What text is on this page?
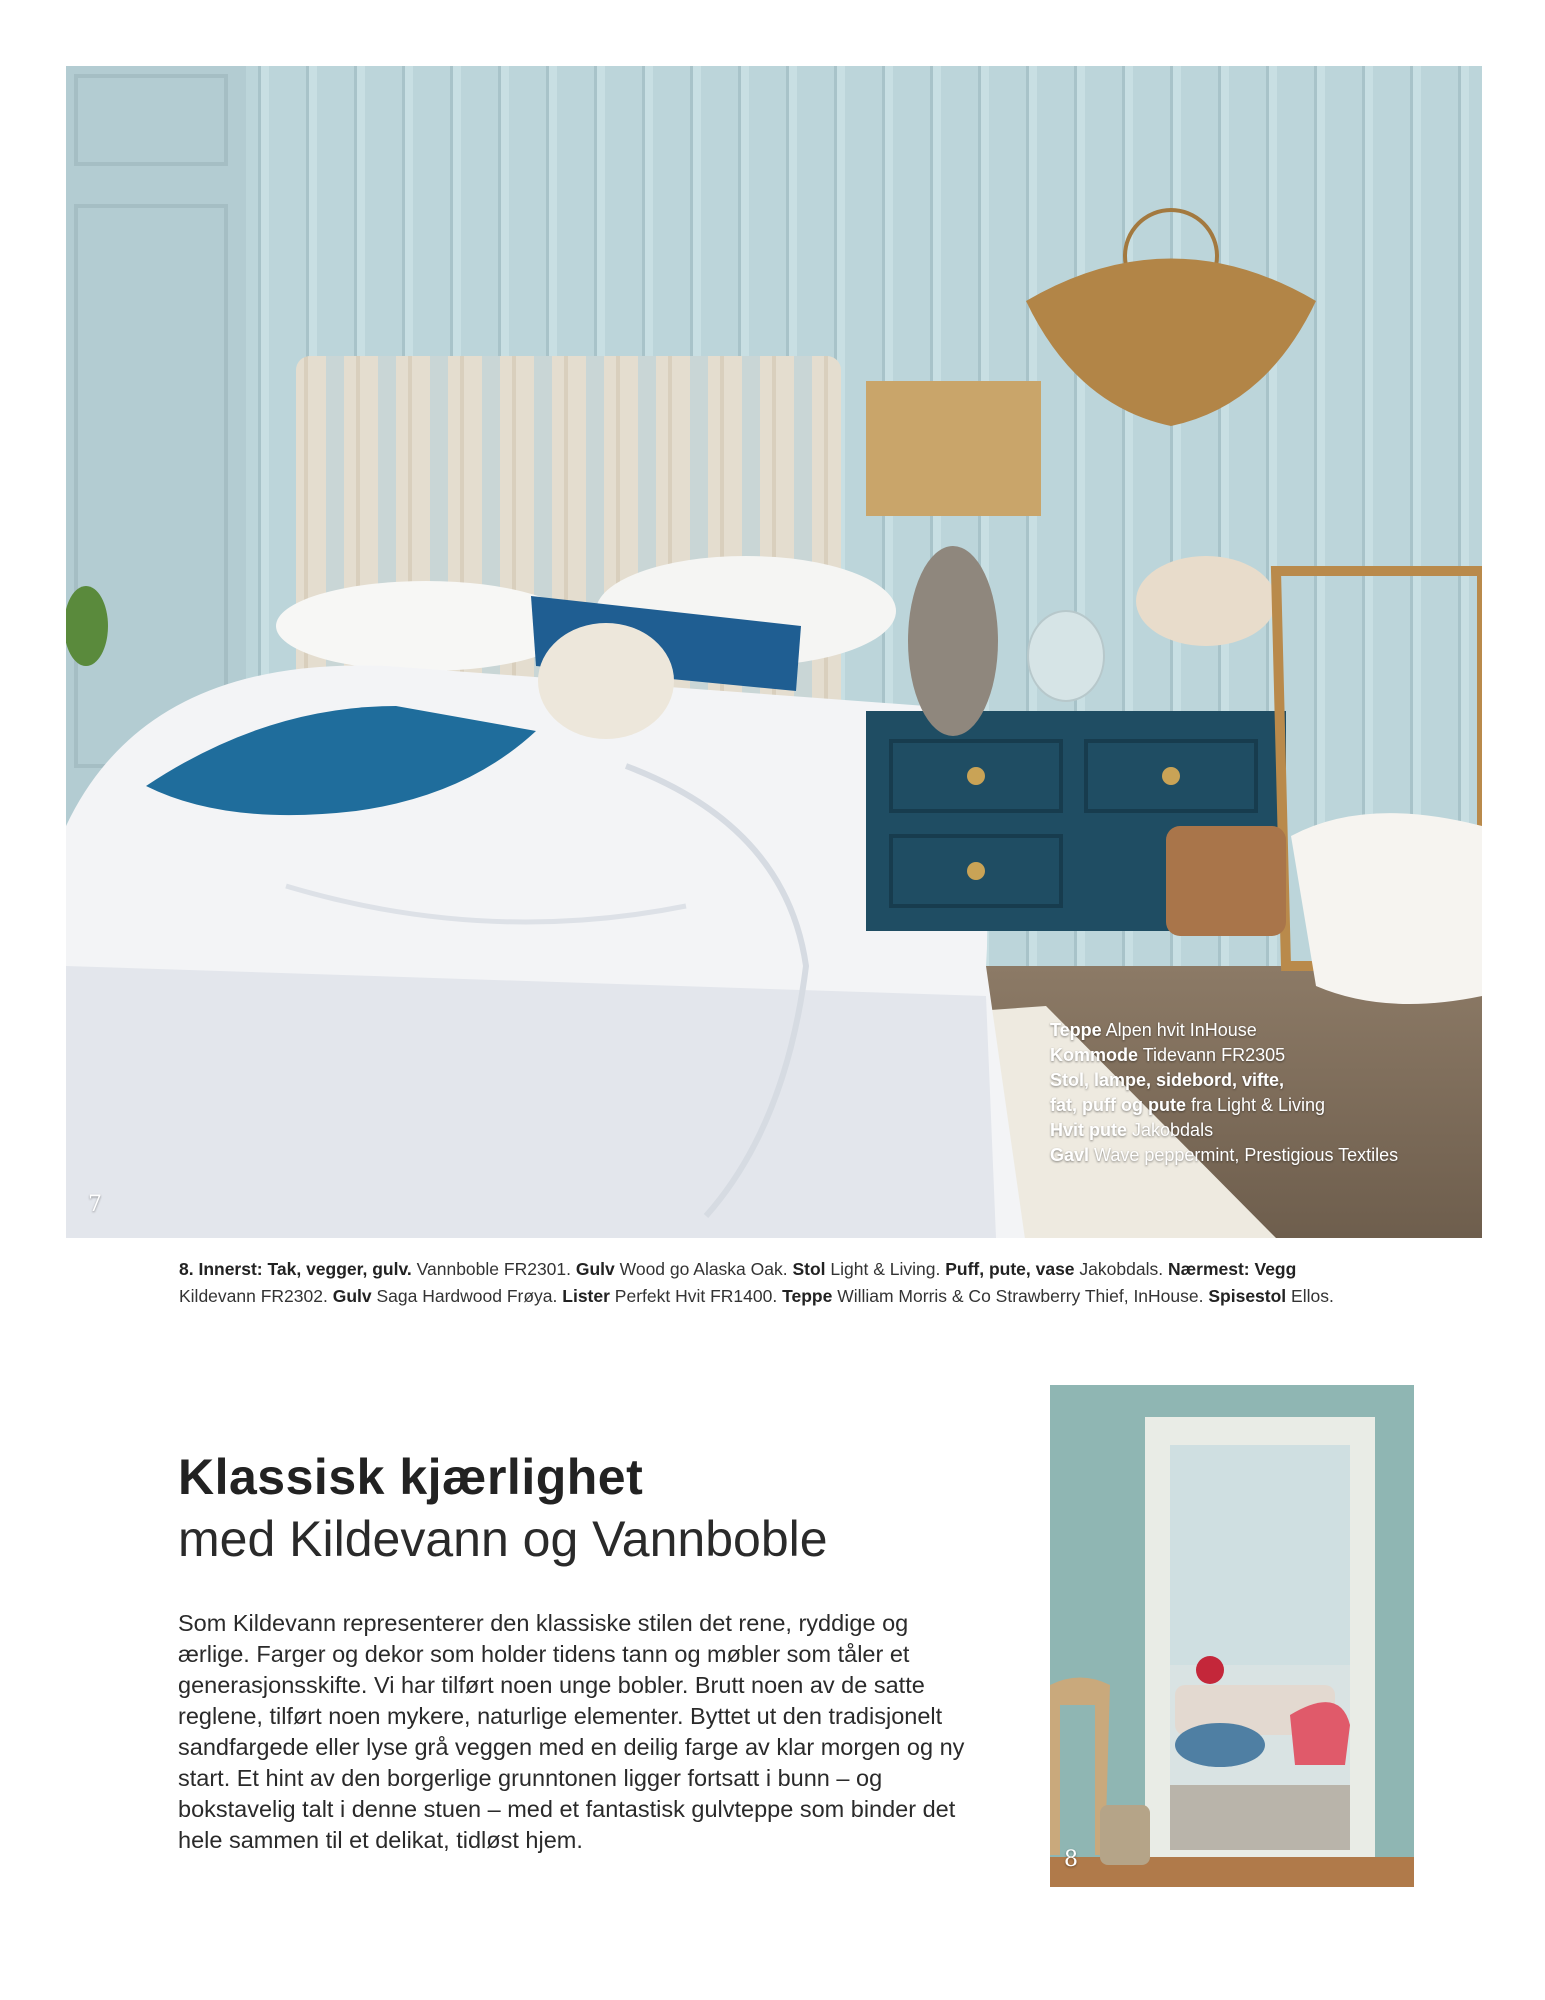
Teppe Alpen hvit InHouse
Kommode Tidevann FR2305
Stol, lampe, sidebord, vifte,
fat, puff og pute fra Light & Living
Hvit pute Jakobdals
Gavl Wave peppermint, Prestigious Textiles
7
8. Innerst: Tak, vegger, gulv. Vannboble FR2301. Gulv Wood go Alaska Oak. Stol Light & Living. Puff, pute, vase Jakobdals. Nærmest: Vegg
Kildevann FR2302. Gulv Saga Hardwood Frøya. Lister Perfekt Hvit FR1400. Teppe William Morris & Co Strawberry Thief, InHouse. Spisestol Ellos.
Klassisk kjærlighet
med Kildevann og Vannboble

Som Kildevann representerer den klassiske stilen det rene, ryddige og ærlige. Farger og dekor som holder tidens tann og møbler som tåler et generasjonsskifte. Vi har tilført noen unge bobler. Brutt noen av de satte reglene, tilført noen mykere, naturlige elementer. Byttet ut den tradisjonelt sandfargede eller lyse grå veggen med en deilig farge av klar morgen og ny start. Et hint av den borgerlige grunntonen ligger fortsatt i bunn – og bokstavelig talt i denne stuen – med et fantastisk gulvteppe som binder det hele sammen til et delikat, tidløst hjem.

8
